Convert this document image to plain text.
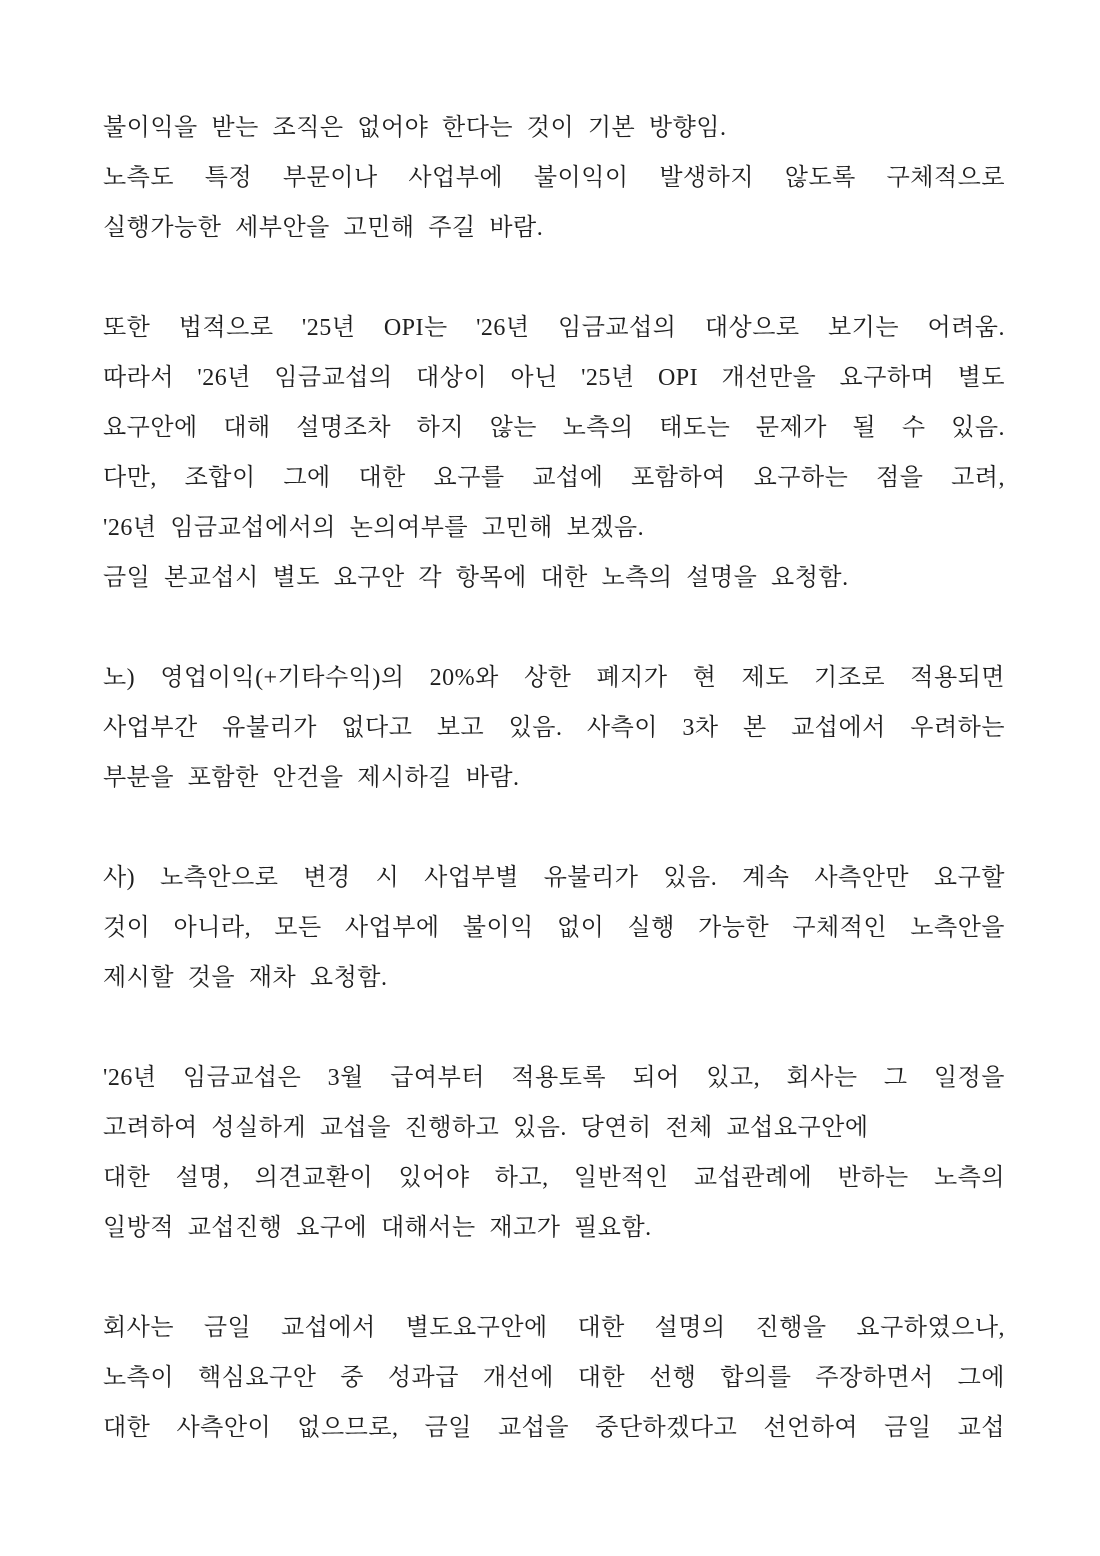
불이익을 받는 조직은 없어야 한다는 것이 기본 방향임.
노측도 특정 부문이나 사업부에 불이익이 발생하지 않도록 구체적으로
실행가능한 세부안을 고민해 주길 바람.
또한 법적으로 '25년 OPI는 '26년 임금교섭의 대상으로 보기는 어려움.
따라서 '26년 임금교섭의 대상이 아닌 '25년 OPI 개선만을 요구하며 별도
요구안에 대해 설명조차 하지 않는 노측의 태도는 문제가 될 수 있음.
다만, 조합이 그에 대한 요구를 교섭에 포함하여 요구하는 점을 고려,
'26년 임금교섭에서의 논의여부를 고민해 보겠음.
금일 본교섭시 별도 요구안 각 항목에 대한 노측의 설명을 요청함.
노) 영업이익(+기타수익)의 20%와 상한 폐지가 현 제도 기조로 적용되면
사업부간 유불리가 없다고 보고 있음. 사측이 3차 본 교섭에서 우려하는
부분을 포함한 안건을 제시하길 바람.
사) 노측안으로 변경 시 사업부별 유불리가 있음. 계속 사측안만 요구할
것이 아니라, 모든 사업부에 불이익 없이 실행 가능한 구체적인 노측안을
제시할 것을 재차 요청함.
'26년 임금교섭은 3월 급여부터 적용토록 되어 있고, 회사는 그 일정을
고려하여 성실하게 교섭을 진행하고 있음. 당연히 전체 교섭요구안에
대한 설명, 의견교환이 있어야 하고, 일반적인 교섭관례에 반하는 노측의
일방적 교섭진행 요구에 대해서는 재고가 필요함.
회사는 금일 교섭에서 별도요구안에 대한 설명의 진행을 요구하였으나,
노측이 핵심요구안 중 성과급 개선에 대한 선행 합의를 주장하면서 그에
대한 사측안이 없으므로, 금일 교섭을 중단하겠다고 선언하여 금일 교섭
